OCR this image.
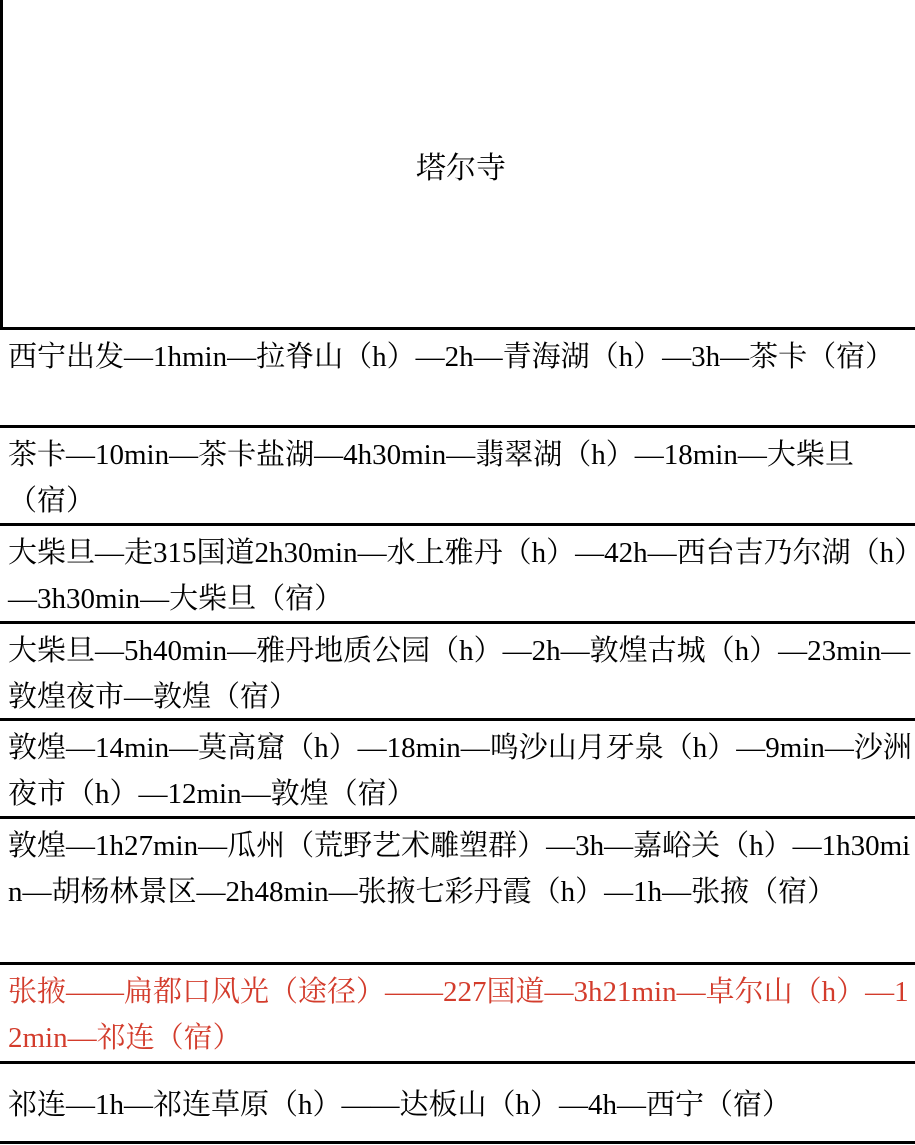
塔尔寺
西宁出发—1hmin—拉脊山（h）—2h—青海湖（h）—3h—茶卡（宿）
茶卡—10min—茶卡盐湖—4h30min—翡翠湖（h）—18min—大柴旦（宿）
大柴旦—走315国道2h30min—水上雅丹（h）—42h—西台吉乃尔湖（h）—3h30min—大柴旦（宿）
大柴旦—5h40min—雅丹地质公园（h）—2h—敦煌古城（h）—23min—敦煌夜市—敦煌（宿）
敦煌—14min—莫高窟（h）—18min—鸣沙山月牙泉（h）—9min—沙洲夜市（h）—12min—敦煌（宿）
敦煌—1h27min—瓜州（荒野艺术雕塑群）—3h—嘉峪关（h）—1h30min—胡杨林景区—2h48min—张掖七彩丹霞（h）—1h—张掖（宿）
张掖——扁都口风光（途径）——227国道—3h21min—卓尔山（h）—12min—祁连（宿）
祁连—1h—祁连草原（h）——达板山（h）—4h—西宁（宿）
